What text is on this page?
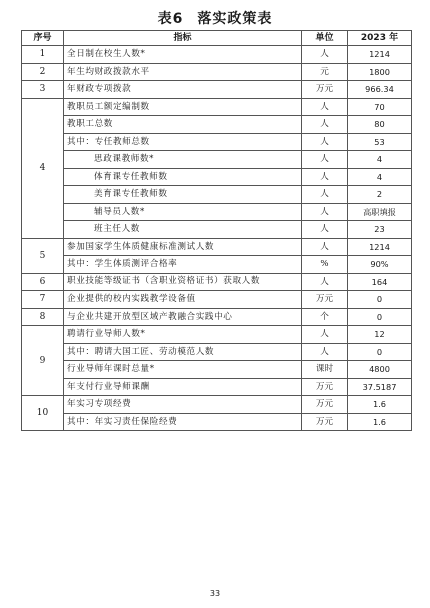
表6 落实政策表
序号	指标	单位	2023 年
1	全日制在校生人数*	人	1214
2	年生均财政拨款水平	元	1800
3	年财政专项拨款	万元	966.34
4	教职员工额定编制数	人	70
	教职工总数	人	80
	其中：专任教师总数	人	53
	思政课教师数*	人	4
	体育课专任教师数	人	4
	美育课专任教师数	人	2
	辅导员人数*	人	高职填报
	班主任人数	人	23
5	参加国家学生体质健康标准测试人数	人	1214
	其中：学生体质测评合格率	%	90%
6	职业技能等级证书（含职业资格证书）获取人数	人	164
7	企业提供的校内实践教学设备值	万元	0
8	与企业共建开放型区域产教融合实践中心	个	0
9	聘请行业导师人数*	人	12
	其中：聘请大国工匠、劳动模范人数	人	0
	行业导师年课时总量*	课时	4800
	年支付行业导师课酬	万元	37.5187
10	年实习专项经费	万元	1.6
	其中：年实习责任保险经费	万元	1.6
33
